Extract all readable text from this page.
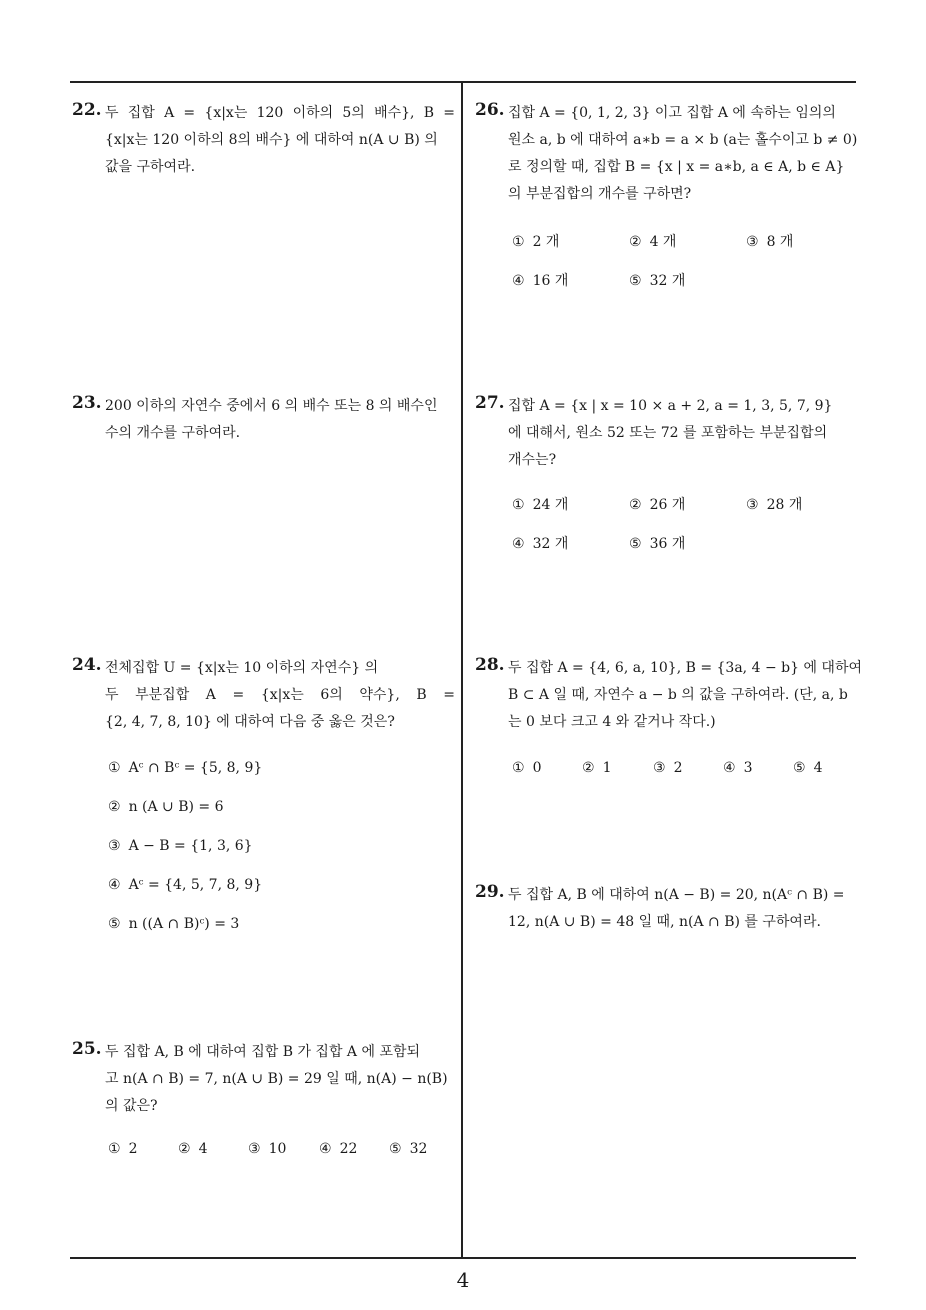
22. 두 집합 A = {x|x는 120 이하의 5의 배수}, B =
{x|x는 120 이하의 8의 배수} 에 대하여 n(A ∪ B) 의
값을 구하여라.
23. 200 이하의 자연수 중에서 6 의 배수 또는 8 의 배수인
수의 개수를 구하여라.
24. 전체집합 U = {x|x는 10 이하의 자연수} 의
두 부분집합 A = {x|x는 6의 약수}, B =
{2, 4, 7, 8, 10} 에 대하여 다음 중 옳은 것은?
① Aᶜ ∩ Bᶜ = {5, 8, 9}
② n (A ∪ B) = 6
③ A − B = {1, 3, 6}
④ Aᶜ = {4, 5, 7, 8, 9}
⑤ n ((A ∩ B)ᶜ) = 3
25. 두 집합 A, B 에 대하여 집합 B 가 집합 A 에 포함되
고 n(A ∩ B) = 7, n(A ∪ B) = 29 일 때, n(A) − n(B)
의 값은?
① 2	② 4	③ 10 ④ 22 ⑤ 32
26. 집합 A = {0, 1, 2, 3} 이고 집합 A 에 속하는 임의의
원소 a, b 에 대하여 a∗b = a × b (a는 홀수이고 b ≠ 0)
로 정의할 때, 집합 B = {x | x = a∗b, a ∈ A, b ∈ A}
의 부분집합의 개수를 구하면?
① 2 개	② 4 개	③ 8 개
④ 16 개	⑤ 32 개
27. 집합 A = {x | x = 10 × a + 2, a = 1, 3, 5, 7, 9}
에 대해서, 원소 52 또는 72 를 포함하는 부분집합의
개수는?
① 24 개	② 26 개	③ 28 개
④ 32 개	⑤ 36 개
28. 두 집합 A = {4, 6, a, 10}, B = {3a, 4 − b} 에 대하여
B ⊂ A 일 때, 자연수 a − b 의 값을 구하여라. (단, a, b
는 0 보다 크고 4 와 같거나 작다.)
① 0	② 1	③ 2	④ 3	⑤ 4
29. 두 집합 A, B 에 대하여 n(A − B) = 20, n(Aᶜ ∩ B) =
12, n(A ∪ B) = 48 일 때, n(A ∩ B) 를 구하여라.
4
